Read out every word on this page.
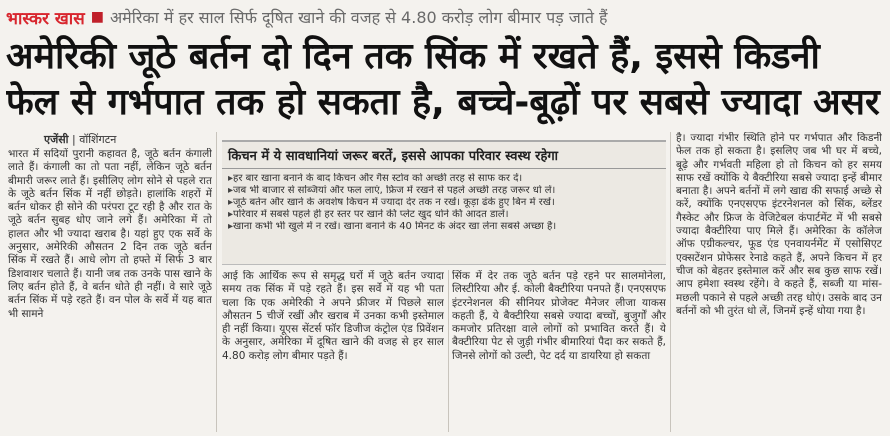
भास्कर खास ■ अमेरिका में हर साल सिर्फ दूषित खाने की वजह से 4.80 करोड़ लोग बीमार पड़ जाते हैं
अमेरिकी जूठे बर्तन दो दिन तक सिंक में रखते हैं, इससे किडनी
फेल से गर्भपात तक हो सकता है, बच्चे-बूढ़ों पर सबसे ज्यादा असर
एजेंसी | वॉशिंगटन
भारत में सदियों पुरानी कहावत है, जूठे बर्तन कंगाली लाते हैं। कंगाली का तो पता नहीं, लेकिन जूठे बर्तन बीमारी जरूर लाते हैं। इसीलिए लोग सोने से पहले रात के जूठे बर्तन सिंक में नहीं छोड़ते। हालांकि शहरों में बर्तन धोकर ही सोने की परंपरा टूट रही है और रात के जूठे बर्तन सुबह धोए जाने लगे हैं। अमेरिका में तो हालत और भी ज्यादा खराब है। यहां हुए एक सर्वे के अनुसार, अमेरिकी औसतन 2 दिन तक जूठे बर्तन सिंक में रखते हैं। आधे लोग तो हफ्ते में सिर्फ 3 बार डिशवाशर चलाते हैं। यानी जब तक उनके पास खाने के लिए बर्तन होते हैं, वे बर्तन धोते ही नहीं। वे सारे जूठे बर्तन सिंक में पड़े रहते हैं। वन पोल के सर्वे में यह बात भी सामने
किचन में ये सावधानियां जरूर बरतें, इससे आपका परिवार स्वस्थ रहेगा
▸ हर बार खाना बनाने के बाद किचन और गैस स्टोव को अच्छी तरह से साफ कर दें।
▸ जब भी बाजार से सब्जियां और फल लाएं, फ्रिज में रखने से पहले अच्छी तरह जरूर धो लें।
▸ जूठे बर्तन और खाने के अवशेष किचन में ज्यादा देर तक न रखें। कूड़ा ढंके हुए बिन में रखें।
▸ परिवार में सबसे पहले ही हर स्तर पर खाने की प्लेट खुद धोने की आदत डालें।
▸ खाना कभी भी खुले में न रखें। खाना बनाने के 40 मिनट के अंदर खा लेना सबसे अच्छा है।
आई कि आर्थिक रूप से समृद्ध घरों में जूठे बर्तन ज्यादा समय तक सिंक में पड़े रहते हैं। इस सर्वे में यह भी पता चला कि एक अमेरिकी ने अपने फ्रीजर में पिछले साल औसतन 5 चीजें रखीं और खराब में उनका कभी इस्तेमाल ही नहीं किया। यूएस सेंटर्स फॉर डिजीज कंट्रोल एंड प्रिवेंशन के अनुसार, अमेरिका में दूषित खाने की वजह से हर साल 4.80 करोड़ लोग बीमार पड़ते हैं।
सिंक में देर तक जूठे बर्तन पड़े रहने पर सालमोनेला, लिस्टीरिया और ई. कोली बैक्टीरिया पनपते हैं। एनएसएफ इंटरनेशनल की सीनियर प्रोजेक्ट मैनेजर लीजा याकस कहती हैं, ये बैक्टीरिया सबसे ज्यादा बच्चों, बुजुर्गों और कमजोर प्रतिरक्षा वाले लोगों को प्रभावित करते हैं। ये बैक्टीरिया पेट से जुड़ी गंभीर बीमारियां पैदा कर सकते हैं, जिनसे लोगों को उल्टी, पेट दर्द या डायरिया हो सकता
है। ज्यादा गंभीर स्थिति होने पर गर्भपात और किडनी फेल तक हो सकता है। इसलिए जब भी घर में बच्चे, बूढ़े और गर्भवती महिला हो तो किचन को हर समय साफ रखें क्योंकि ये बैक्टीरिया सबसे ज्यादा इन्हें बीमार बनाता है। अपने बर्तनों में लगे खाद्य की सफाई अच्छे से करें, क्योंकि एनएसएफ इंटरनेशनल को सिंक, ब्लेंडर गैस्केट और फ्रिज के वेजिटेबल कंपार्टमेंट में भी सबसे ज्यादा बैक्टीरिया पाए मिले हैं। अमेरिका के कॉलेज ऑफ एग्रीकल्चर, फूड एंड एनवायर्नमेंट में एसोसिएट एक्सटेंशन प्रोफेसर रेनाडे कहते हैं, अपने किचन में हर चीज को बेहतर इस्तेमाल करें और सब कुछ साफ रखें। आप हमेशा स्वस्थ रहेंगे। वे कहते हैं, सब्जी या मांस-मछली पकाने से पहले अच्छी तरह धोएं। उसके बाद उन बर्तनों को भी तुरंत धो लें, जिनमें इन्हें धोया गया है।
